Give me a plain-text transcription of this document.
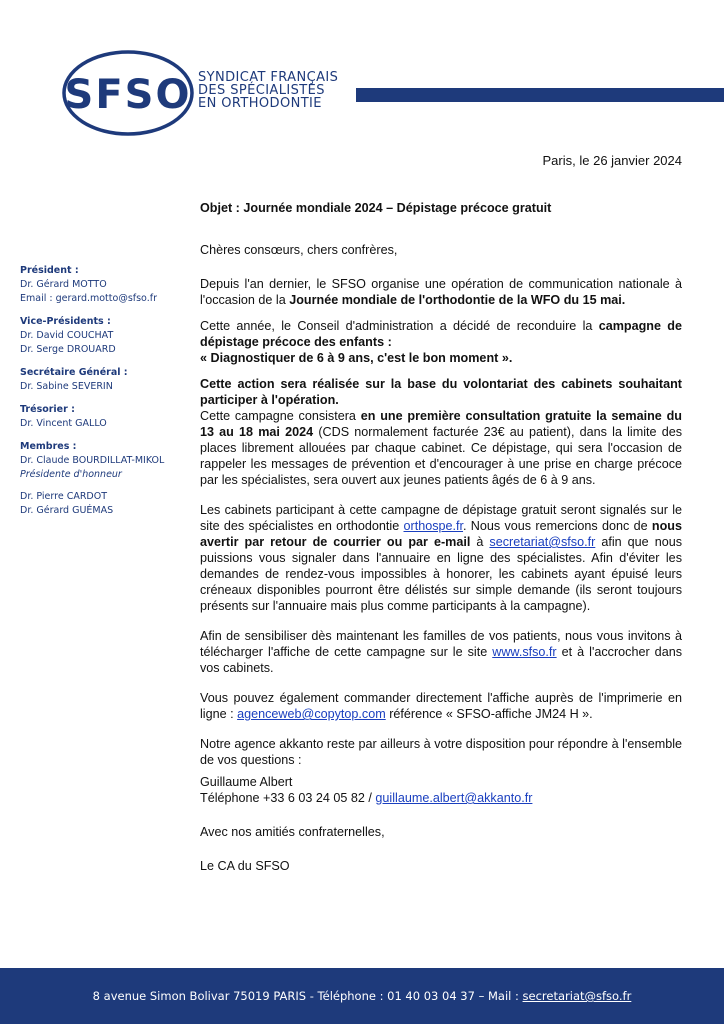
SFSO SYNDICAT FRANÇAIS
DES SPÉCIALISTES
EN ORTHODONTIE
Président :
Dr. Gérard MOTTO
Email : gerard.motto@sfso.fr
Vice-Présidents :
Dr. David COUCHAT
Dr. Serge DROUARD
Secrétaire Général :
Dr. Sabine SEVERIN
Trésorier :
Dr. Vincent GALLO
Membres :
Dr. Claude BOURDILLAT-MIKOL
Présidente d'honneur
Dr. Pierre CARDOT
Dr. Gérard GUÉMAS
Paris, le 26 janvier 2024

Objet : Journée mondiale 2024 – Dépistage précoce gratuit

Chères consœurs, chers confrères,

Depuis l'an dernier, le SFSO organise une opération de communication nationale à l'occasion de la Journée mondiale de l'orthodontie de la WFO du 15 mai.

Cette année, le Conseil d'administration a décidé de reconduire la campagne de dépistage précoce des enfants :
« Diagnostiquer de 6 à 9 ans, c'est le bon moment ».

Cette action sera réalisée sur la base du volontariat des cabinets souhaitant participer à l'opération.

Cette campagne consistera en une première consultation gratuite la semaine du 13 au 18 mai 2024 (CDS normalement facturée 23€ au patient), dans la limite des places librement allouées par chaque cabinet. Ce dépistage, qui sera l'occasion de rappeler les messages de prévention et d'encourager à une prise en charge précoce par les spécialistes, sera ouvert aux jeunes patients âgés de 6 à 9 ans.

Les cabinets participant à cette campagne de dépistage gratuit seront signalés sur le site des spécialistes en orthodontie orthospe.fr. Nous vous remercions donc de nous avertir par retour de courrier ou par e-mail à secretariat@sfso.fr afin que nous puissions vous signaler dans l'annuaire en ligne des spécialistes. Afin d'éviter les demandes de rendez-vous impossibles à honorer, les cabinets ayant épuisé leurs créneaux disponibles pourront être délistés sur simple demande (ils seront toujours présents sur l'annuaire mais plus comme participants à la campagne).

Afin de sensibiliser dès maintenant les familles de vos patients, nous vous invitons à télécharger l'affiche de cette campagne sur le site www.sfso.fr et à l'accrocher dans vos cabinets.

Vous pouvez également commander directement l'affiche auprès de l'imprimerie en ligne : agenceweb@copytop.com référence « SFSO-affiche JM24 H ».

Notre agence akkanto reste par ailleurs à votre disposition pour répondre à l'ensemble de vos questions :

Guillaume Albert

Téléphone +33 6 03 24 05 82 / guillaume.albert@akkanto.fr

Avec nos amitiés confraternelles,

Le CA du SFSO

8 avenue Simon Bolivar 75019 PARIS - Téléphone : 01 40 03 04 37 – Mail :
secretariat@sfso.fr
